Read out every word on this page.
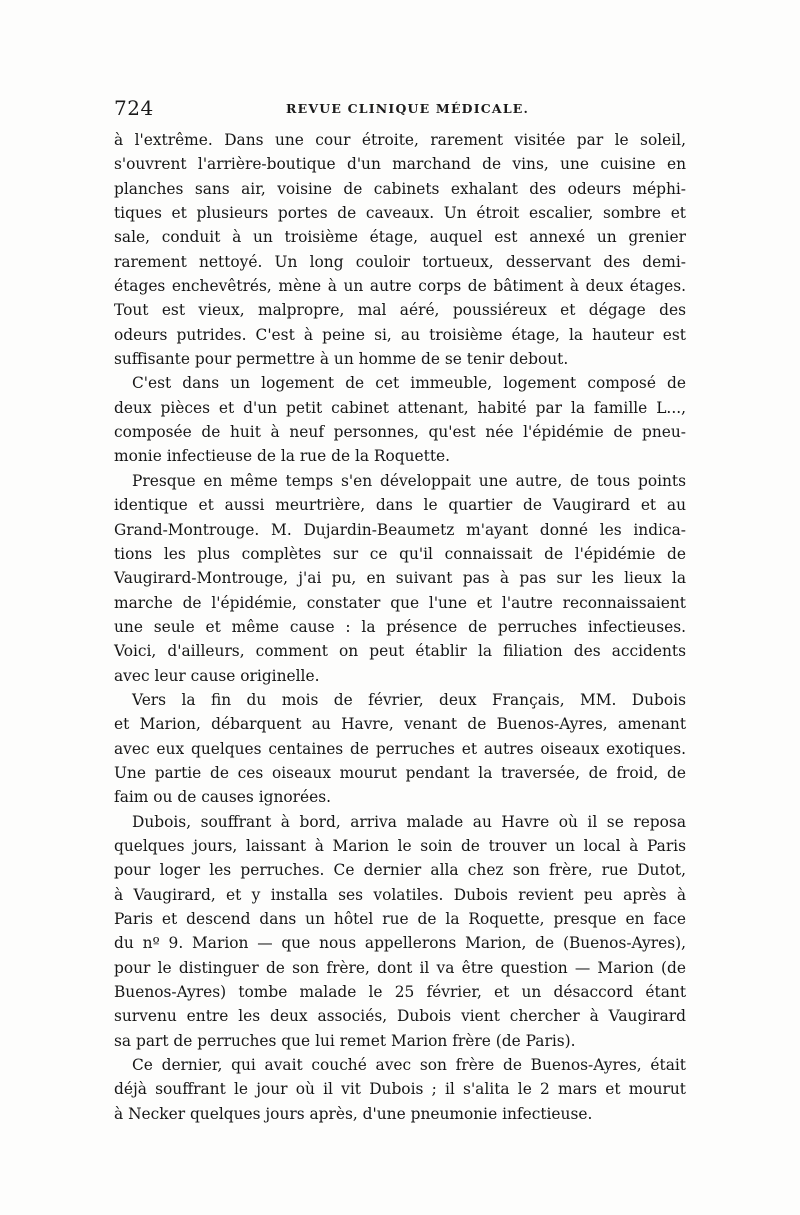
724	REVUE CLINIQUE MÉDICALE.
à l'extrême. Dans une cour étroite, rarement visitée par le soleil,
s'ouvrent l'arrière-boutique d'un marchand de vins, une cuisine en
planches sans air, voisine de cabinets exhalant des odeurs méphi-
tiques et plusieurs portes de caveaux. Un étroit escalier, sombre et
sale, conduit à un troisième étage, auquel est annexé un grenier
rarement nettoyé. Un long couloir tortueux, desservant des demi-
étages enchevêtrés, mène à un autre corps de bâtiment à deux étages.
Tout est vieux, malpropre, mal aéré, poussiéreux et dégage des
odeurs putrides. C'est à peine si, au troisième étage, la hauteur est
suffisante pour permettre à un homme de se tenir debout.
C'est dans un logement de cet immeuble, logement composé de
deux pièces et d'un petit cabinet attenant, habité par la famille L...,
composée de huit à neuf personnes, qu'est née l'épidémie de pneu-
monie infectieuse de la rue de la Roquette.
Presque en même temps s'en développait une autre, de tous points
identique et aussi meurtrière, dans le quartier de Vaugirard et au
Grand-Montrouge. M. Dujardin-Beaumetz m'ayant donné les indica-
tions les plus complètes sur ce qu'il connaissait de l'épidémie de
Vaugirard-Montrouge, j'ai pu, en suivant pas à pas sur les lieux la
marche de l'épidémie, constater que l'une et l'autre reconnaissaient
une seule et même cause : la présence de perruches infectieuses.
Voici, d'ailleurs, comment on peut établir la filiation des accidents
avec leur cause originelle.
Vers la fin du mois de février, deux Français, MM. Dubois
et Marion, débarquent au Havre, venant de Buenos-Ayres, amenant
avec eux quelques centaines de perruches et autres oiseaux exotiques.
Une partie de ces oiseaux mourut pendant la traversée, de froid, de
faim ou de causes ignorées.
Dubois, souffrant à bord, arriva malade au Havre où il se reposa
quelques jours, laissant à Marion le soin de trouver un local à Paris
pour loger les perruches. Ce dernier alla chez son frère, rue Dutot,
à Vaugirard, et y installa ses volatiles. Dubois revient peu après à
Paris et descend dans un hôtel rue de la Roquette, presque en face
du nº 9. Marion — que nous appellerons Marion, de (Buenos-Ayres),
pour le distinguer de son frère, dont il va être question — Marion (de
Buenos-Ayres) tombe malade le 25 février, et un désaccord étant
survenu entre les deux associés, Dubois vient chercher à Vaugirard
sa part de perruches que lui remet Marion frère (de Paris).
Ce dernier, qui avait couché avec son frère de Buenos-Ayres, était
déjà souffrant le jour où il vit Dubois ; il s'alita le 2 mars et mourut
à Necker quelques jours après, d'une pneumonie infectieuse.
